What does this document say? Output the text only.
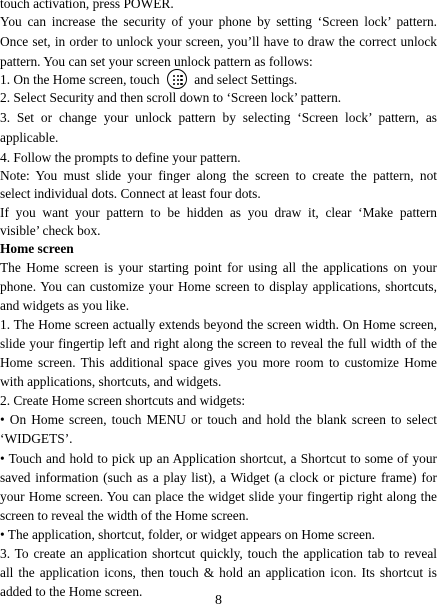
touch activation, press POWER.
You can increase the security of your phone by setting ‘Screen lock’ pattern.
Once set, in order to unlock your screen, you’ll have to draw the correct unlock
pattern. You can set your screen unlock pattern as follows:
1. On the Home screen, touch	and select Settings.
2. Select Security and then scroll down to ‘Screen lock’ pattern.
3. Set or change your unlock pattern by selecting ‘Screen lock’ pattern, as
applicable.
4. Follow the prompts to define your pattern.
Note: You must slide your finger along the screen to create the pattern, not
select individual dots. Connect at least four dots.
If you want your pattern to be hidden as you draw it, clear ‘Make pattern
visible’ check box.
Home screen
The Home screen is your starting point for using all the applications on your
phone. You can customize your Home screen to display applications, shortcuts,
and widgets as you like.
1. The Home screen actually extends beyond the screen width. On Home screen,
slide your fingertip left and right along the screen to reveal the full width of the
Home screen. This additional space gives you more room to customize Home
with applications, shortcuts, and widgets.
2. Create Home screen shortcuts and widgets:
• On Home screen, touch MENU or touch and hold the blank screen to select
‘WIDGETS’.
• Touch and hold to pick up an Application shortcut, a Shortcut to some of your
saved information (such as a play list), a Widget (a clock or picture frame) for
your Home screen. You can place the widget slide your fingertip right along the
screen to reveal the width of the Home screen.
• The application, shortcut, folder, or widget appears on Home screen.
3. To create an application shortcut quickly, touch the application tab to reveal
all the application icons, then touch & hold an application icon. Its shortcut is
added to the Home screen.
8
